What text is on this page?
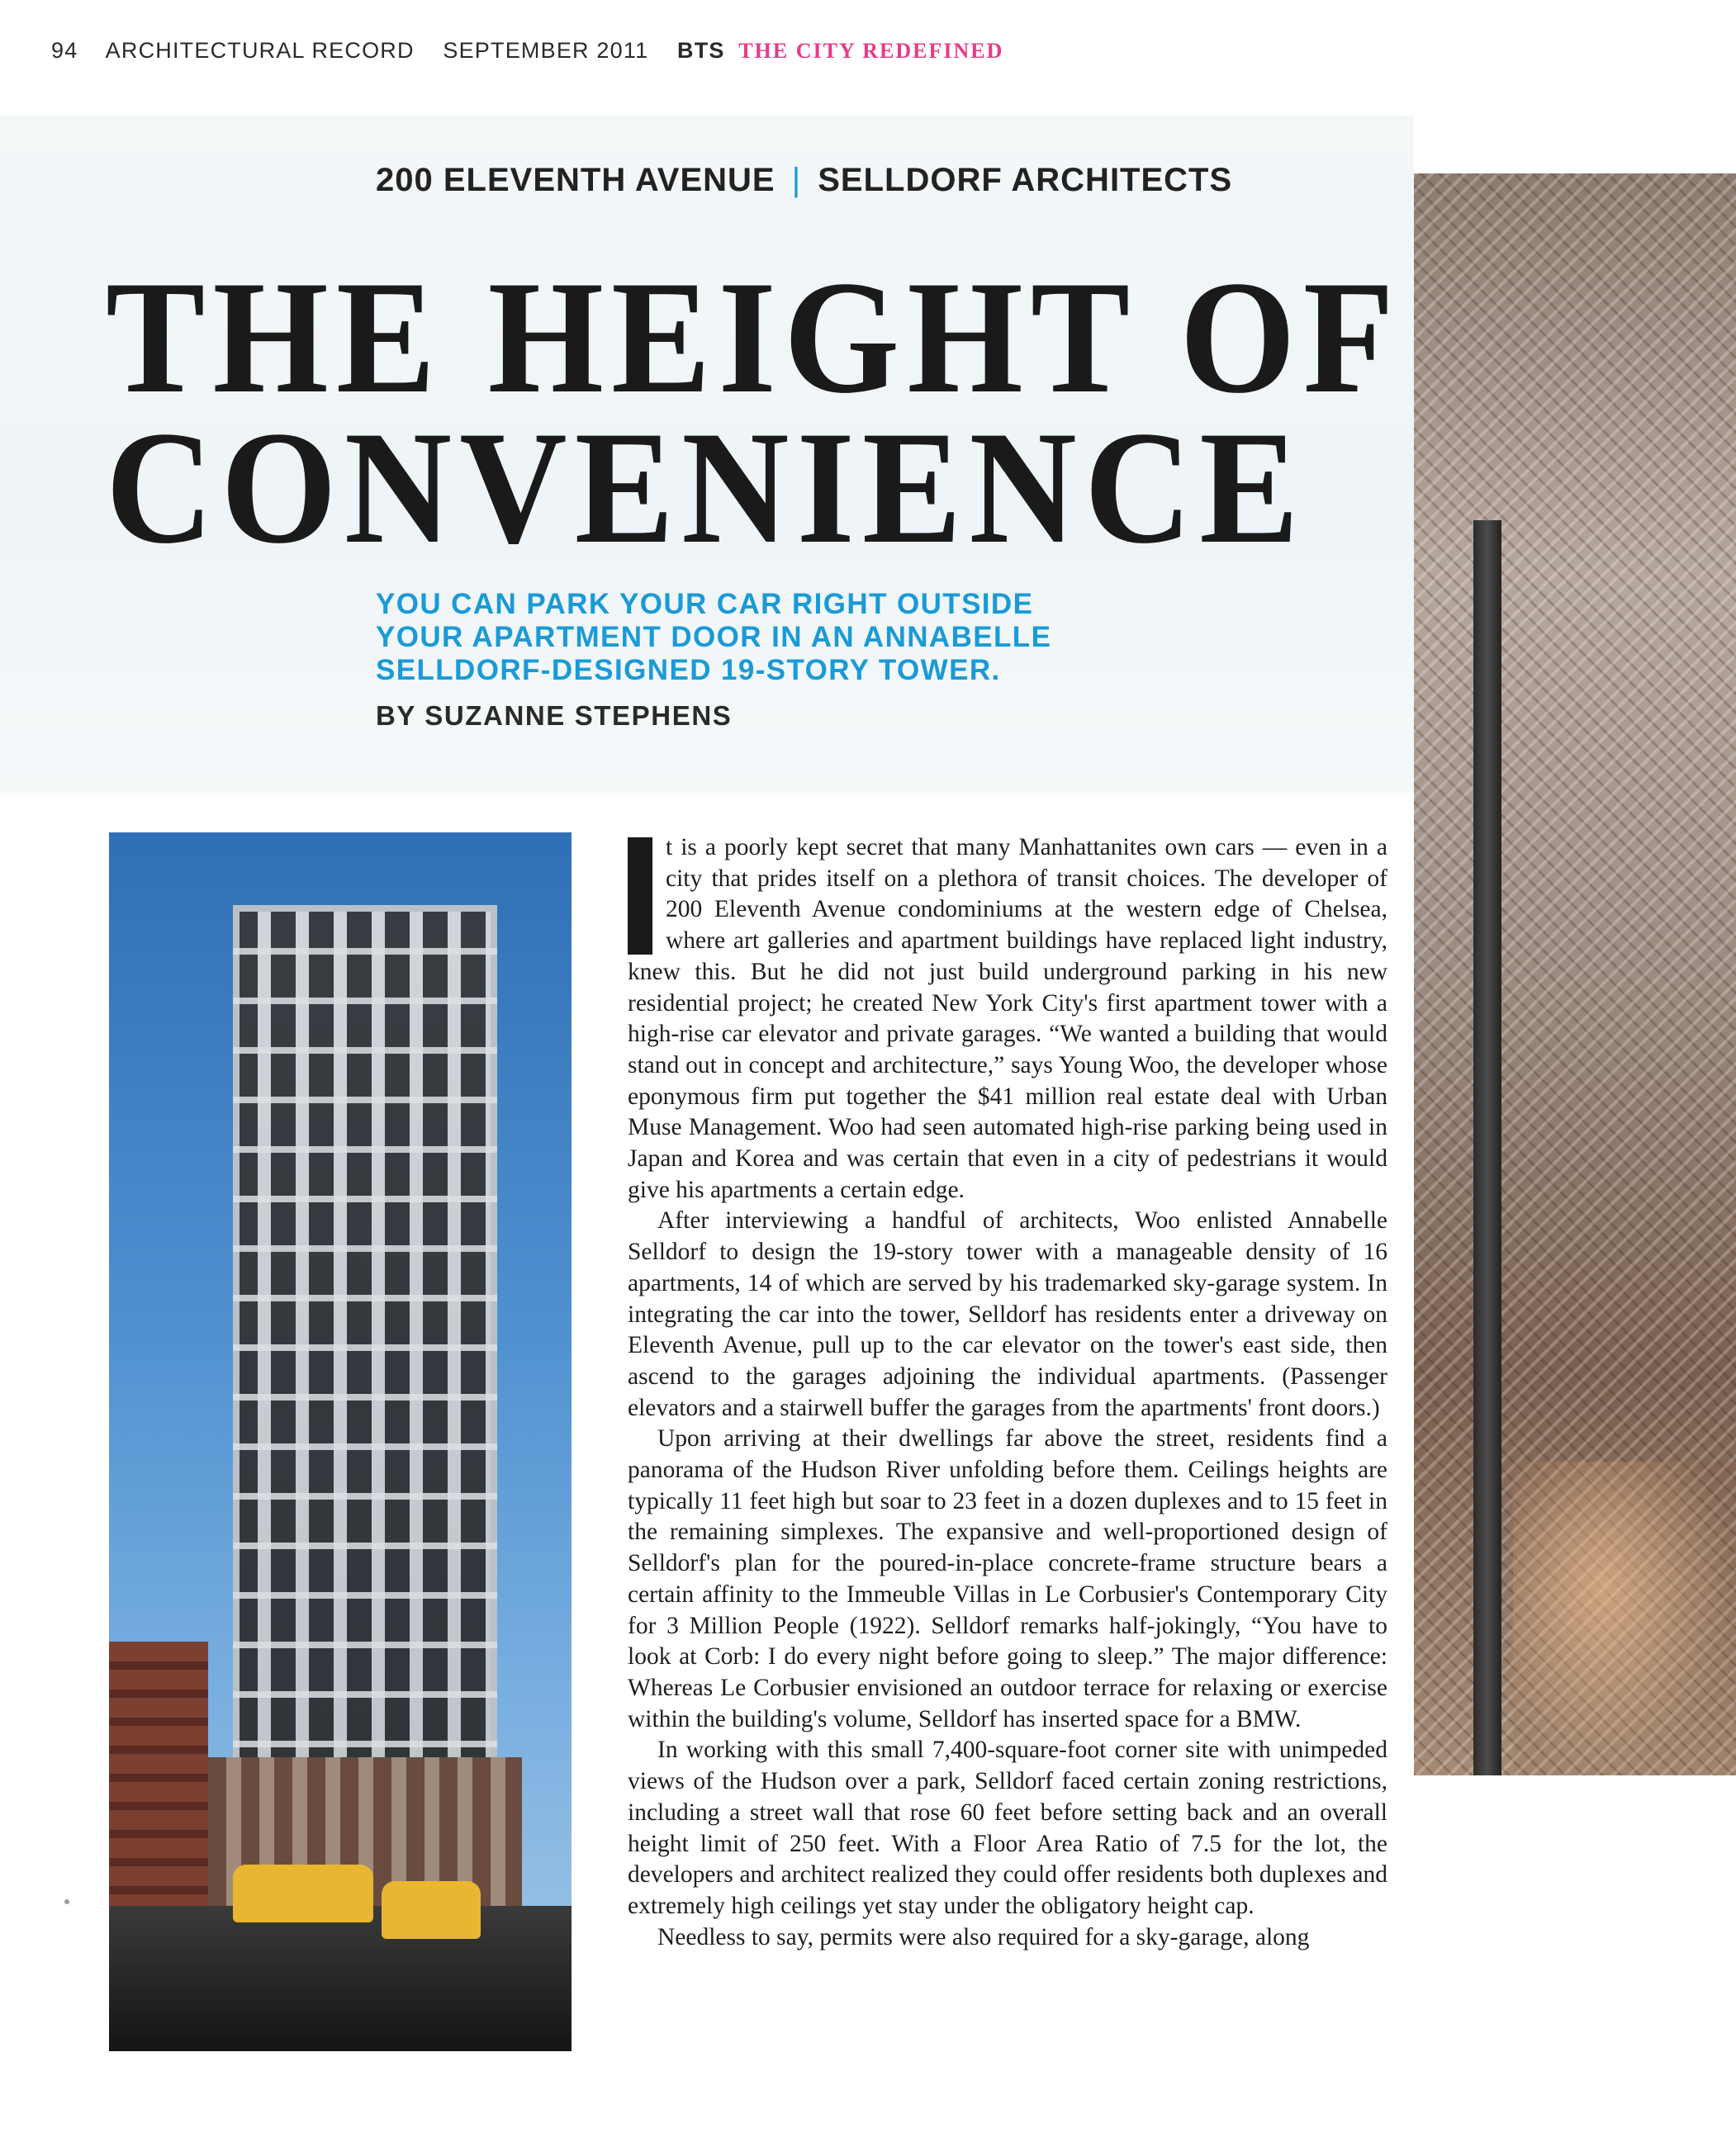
94 ARCHITECTURAL RECORD SEPTEMBER 2011 BTS THE CITY REDEFINED
200 ELEVENTH AVENUE | SELLDORF ARCHITECTS
THE HEIGHT OF
CONVENIENCE
YOU CAN PARK YOUR CAR RIGHT OUTSIDE
YOUR APARTMENT DOOR IN AN ANNABELLE
SELLDORF-DESIGNED 19-STORY TOWER.
BY SUZANNE STEPHENS

t is a poorly kept secret that many Manhattanites own cars — even in a city that prides itself on a plethora of transit choices. The developer of 200 Eleventh Avenue condominiums at the western edge of Chelsea, where art galleries and apartment buildings have replaced light industry, knew this. But he did not just build underground parking in his new residential project; he created New York City's first apartment tower with a high-rise car elevator and private garages. “We wanted a building that would stand out in concept and architecture,” says Young Woo, the developer whose eponymous firm put together the $41 million real estate deal with Urban Muse Management. Woo had seen automated high-rise parking being used in Japan and Korea and was certain that even in a city of pedestrians it would give his apartments a certain edge.

After interviewing a handful of architects, Woo enlisted Annabelle Selldorf to design the 19-story tower with a manageable density of 16 apartments, 14 of which are served by his trademarked sky-garage system. In integrating the car into the tower, Selldorf has residents enter a driveway on Eleventh Avenue, pull up to the car elevator on the tower's east side, then ascend to the garages adjoining the individual apartments. (Passenger elevators and a stairwell buffer the garages from the apartments' front doors.)

Upon arriving at their dwellings far above the street, residents find a panorama of the Hudson River unfolding before them. Ceilings heights are typically 11 feet high but soar to 23 feet in a dozen duplexes and to 15 feet in the remaining simplexes. The expansive and well-proportioned design of Selldorf's plan for the poured-in-place concrete-frame structure bears a certain affinity to the Immeuble Villas in Le Corbusier's Contemporary City for 3 Million People (1922). Selldorf remarks half-jokingly, “You have to look at Corb: I do every night before going to sleep.” The major difference: Whereas Le Corbusier envisioned an outdoor terrace for relaxing or exercise within the building's volume, Selldorf has inserted space for a BMW.

In working with this small 7,400-square-foot corner site with unimpeded views of the Hudson over a park, Selldorf faced certain zoning restrictions, including a street wall that rose 60 feet before setting back and an overall height limit of 250 feet. With a Floor Area Ratio of 7.5 for the lot, the developers and architect realized they could offer residents both duplexes and extremely high ceilings yet stay under the obligatory height cap.

Needless to say, permits were also required for a sky-garage, along
